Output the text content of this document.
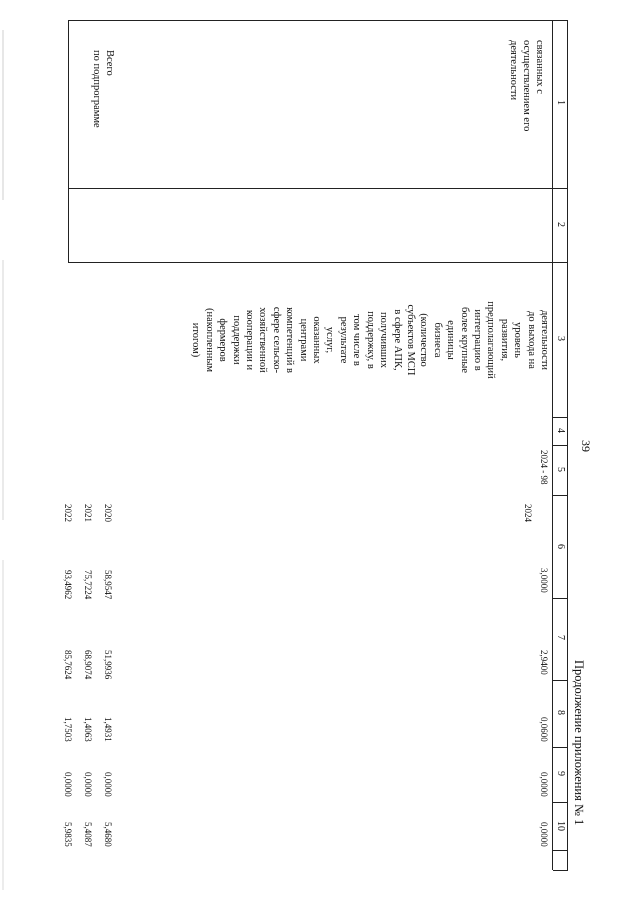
39
Продолжение приложения № 1
1
2
3
4
5
6
7
8
9
10
связанных с
осуществлением его
деятельности
деятельности
до выхода на
уровень
развития,
предполагающий
интеграцию в
более крупные
единицы
бизнеса
(количество
субъектов МСП
в сфере АПК,
получивших
поддержку, в
том числе в
результате
услуг,
оказанных
центрами
компетенций в
сфере сельско-
хозяйственной
кооперации и
поддержки
фермеров
(накопленным
итогом)
2024 - 98
2024
3,0000
2,9400
0,0600
0,0000
0,0000
Всего
по подпрограмме
2020
58,9547
51,9936
1,4931
0,0000
5,4680
2021
75,7224
68,9074
1,4063
0,0000
5,4087
2022
93,4962
85,7624
1,7503
0,0000
5,9835
